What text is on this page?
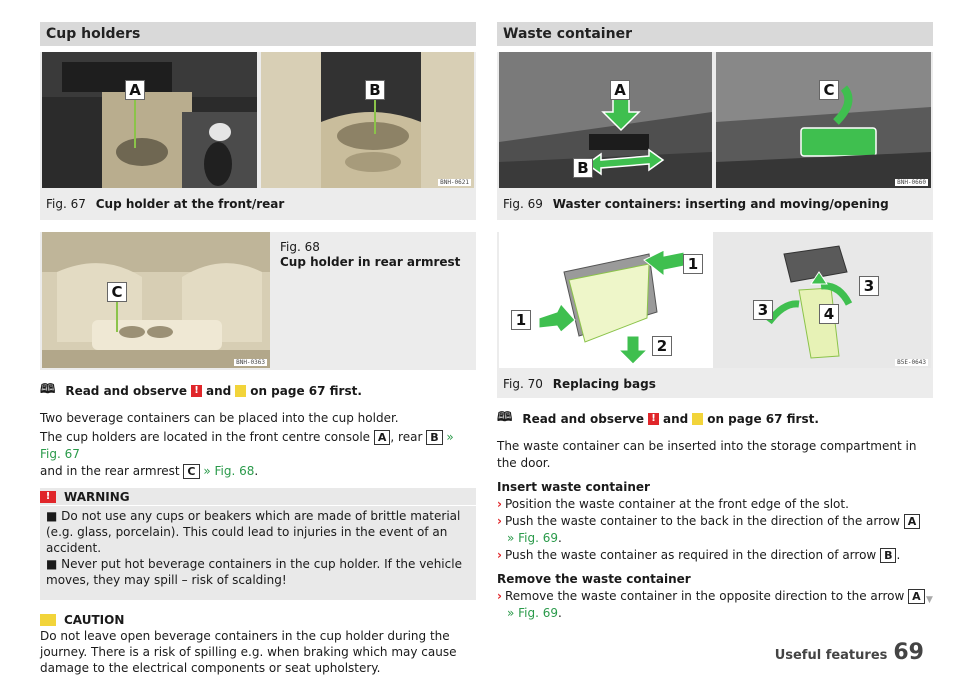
Cup holders
BNH-0621
A	B
Fig. 67 Cup holder at the front/rear
BNH-0363
C
Fig. 68
Cup holder in rear armrest
🕮 Read and observe ! and on page 67 first.

Two beverage containers can be placed into the cup holder.

The cup holders are located in the front centre console A , rear B » Fig. 67
and in the rear armrest C » Fig. 68.

!	WARNING
■ Do not use any cups or beakers which are made of brittle material (e.g. glass, porcelain). This could lead to injuries in the event of an accident.
■ Never put hot beverage containers in the cup holder. If the vehicle moves, they may spill – risk of scalding!
CAUTION
Do not leave open beverage containers in the cup holder during the journey. There is a risk of spilling e.g. when braking which may cause damage to the electrical components or seat upholstery.
Waste container
BNH-0660
A
B
C
Fig. 69 Waster containers: inserting and moving/opening
B5E-0643
1
1
2
3
3	4
Fig. 70 Replacing bags
🕮 Read and observe ! and on page 67 first.

The waste container can be inserted into the storage compartment in the door.

Insert waste container

› Position the waste container at the front edge of the slot.

› Push the waste container to the back in the direction of the arrow A
» Fig. 69.

› Push the waste container as required in the direction of arrow B .

Remove the waste container

› Remove the waste container in the opposite direction to the arrow A
» Fig. 69.

▼
Useful features 69
